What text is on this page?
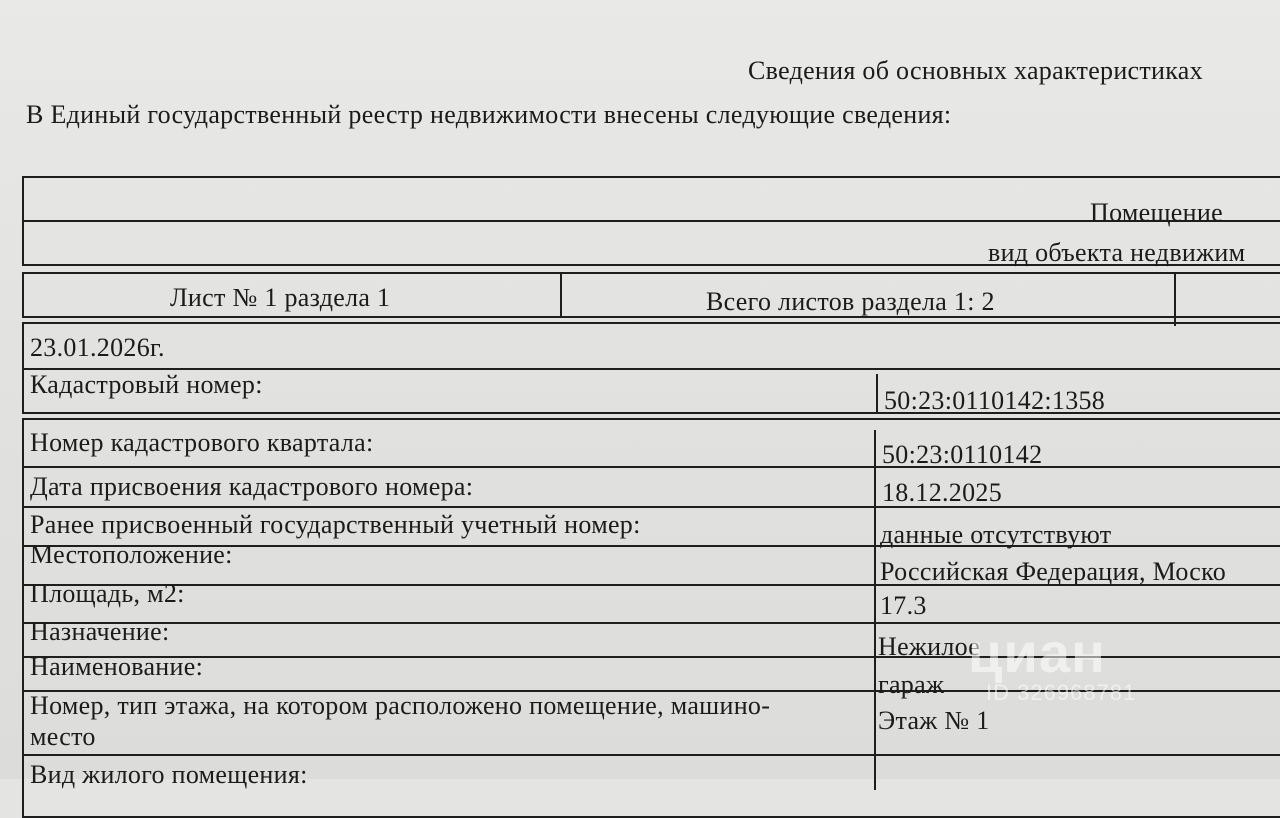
Сведения об основных характеристиках
В Единый государственный реестр недвижимости внесены следующие сведения:
Помещение
вид объекта недвижим
Лист № 1 раздела 1	Всего листов раздела 1: 2
23.01.2026г.
Кадастровый номер:
50:23:0110142:1358
Номер кадастрового квартала:
Дата присвоения кадастрового номера:
Ранее присвоенный государственный учетный номер:
Местоположение:
Площадь, м2:
Назначение:
Наименование:
Номер, тип этажа, на котором расположено помещение, машино-
место
Вид жилого помещения:
50:23:0110142
18.12.2025
данные отсутствуют
Российская Федерация, Моско
17.3
Нежилое
гараж
Этаж № 1
циан
ID 326968781
